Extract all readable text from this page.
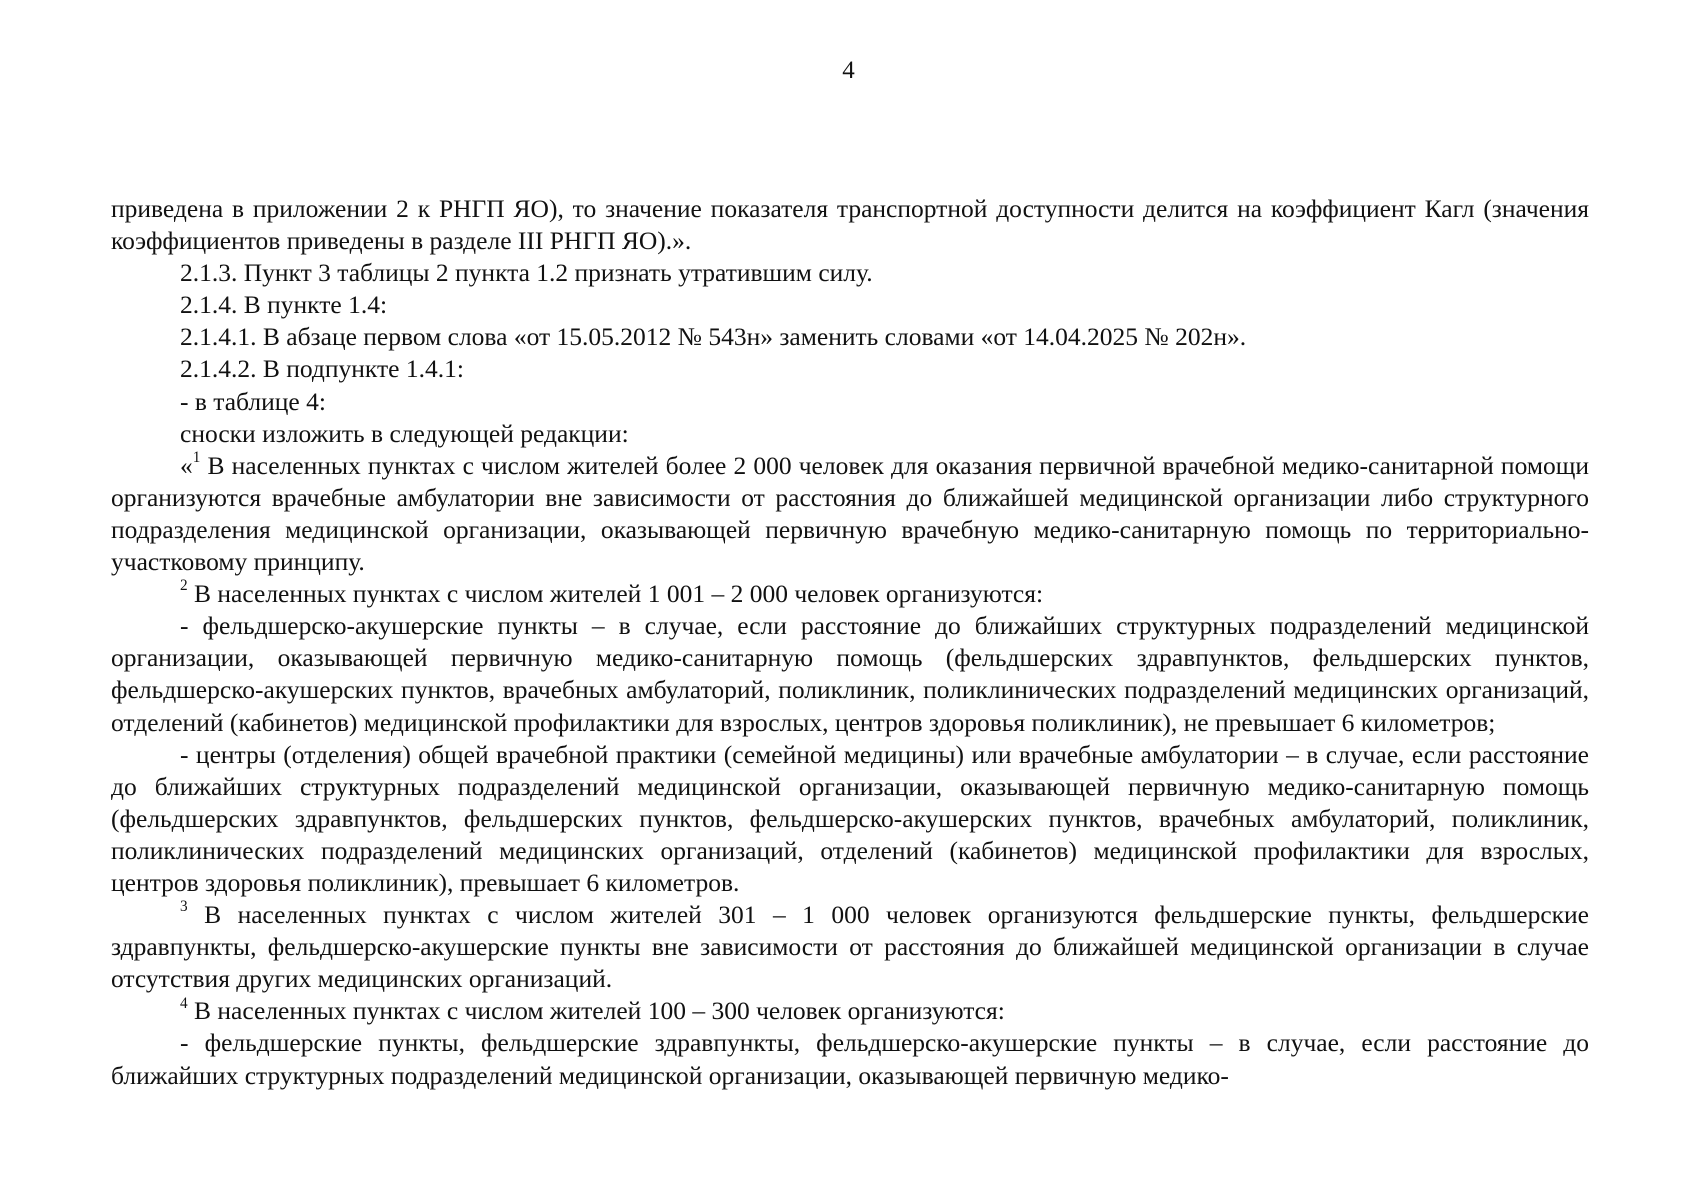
4

приведена в приложении 2 к РНГП ЯО), то значение показателя транспортной доступности делится на коэффициент Кагл (значения коэффициентов приведены в разделе III РНГП ЯО).».

2.1.3. Пункт 3 таблицы 2 пункта 1.2 признать утратившим силу.

2.1.4. В пункте 1.4:

2.1.4.1. В абзаце первом слова «от 15.05.2012 № 543н» заменить словами «от 14.04.2025 № 202н».

2.1.4.2. В подпункте 1.4.1:

- в таблице 4:

сноски изложить в следующей редакции:

«$^1$ В населенных пунктах с числом жителей более 2 000 человек для оказания первичной врачебной медико-санитарной помощи организуются врачебные амбулатории вне зависимости от расстояния до ближайшей медицинской организации либо структурного подразделения медицинской организации, оказывающей первичную врачебную медико-санитарную помощь по территориально-участковому принципу.

$^2$ В населенных пунктах с числом жителей 1 001 – 2 000 человек организуются:

- фельдшерско-акушерские пункты – в случае, если расстояние до ближайших структурных подразделений медицинской организации, оказывающей первичную медико-санитарную помощь (фельдшерских здравпунктов, фельдшерских пунктов, фельдшерско-акушерских пунктов, врачебных амбулаторий, поликлиник, поликлинических подразделений медицинских организаций, отделений (кабинетов) медицинской профилактики для взрослых, центров здоровья поликлиник), не превышает 6 километров;

- центры (отделения) общей врачебной практики (семейной медицины) или врачебные амбулатории – в случае, если расстояние до ближайших структурных подразделений медицинской организации, оказывающей первичную медико-санитарную помощь (фельдшерских здравпунктов, фельдшерских пунктов, фельдшерско-акушерских пунктов, врачебных амбулаторий, поликлиник, поликлинических подразделений медицинских организаций, отделений (кабинетов) медицинской профилактики для взрослых, центров здоровья поликлиник), превышает 6 километров.

$^3$ В населенных пунктах с числом жителей 301 – 1 000 человек организуются фельдшерские пункты, фельдшерские здравпункты, фельдшерско-акушерские пункты вне зависимости от расстояния до ближайшей медицинской организации в случае отсутствия других медицинских организаций.

$^4$ В населенных пунктах с числом жителей 100 – 300 человек организуются:

- фельдшерские пункты, фельдшерские здравпункты, фельдшерско-акушерские пункты – в случае, если расстояние до ближайших структурных подразделений медицинской организации, оказывающей первичную медико-
